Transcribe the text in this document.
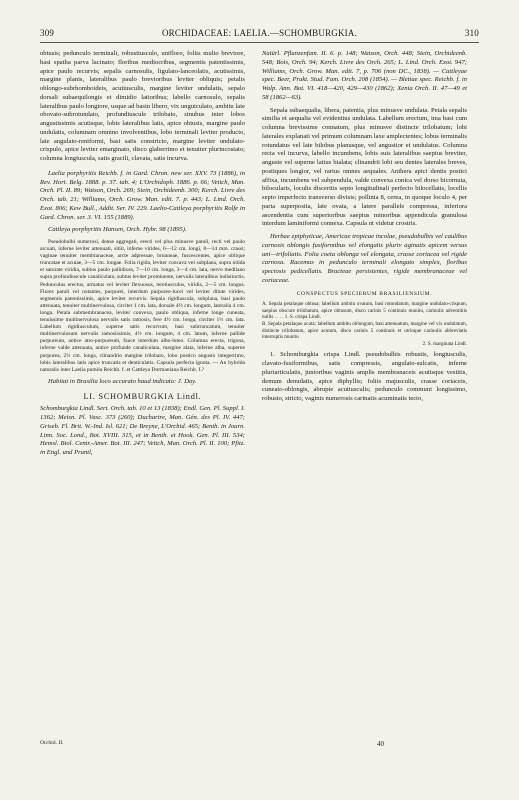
309	ORCHIDACEAE: LAELIA.—SCHOMBURGKIA.	310

obtusis; pedunculo terminali, robustiusculo, unifloro, foliis multo breviore, basi spatha parva lacinato; floribus mediocribus, segmentis patentissimis, apice paulo recurvis; sepalis carnosulis, ligulato-lanceolatis, acutissimis, margine planis, lateralibus paulo brevioribus leviter obliquis; petalis oblongo-subrhomboideis, acutiusculis, margine leviter undulatis, sepalo dorsali subaequilongis et dimidio latioribus; labello carnosulo, sepalis lateralibus paulo longiore, usque ad basin libero, vix unguiculato, ambitu late obovato-subrotundato, profundiuscule trilobato, sinubus inter lobos angustissimis acutisque, lobis lateralibus latis, apice obtusis, margine paulo undulatis, columnam omnino involventibus, lobo terminali leviter producto, late angulato-reniformi, basi satis constricto, margine leviter undulato-crispulo, apice leviter emarginato, disco glaberrimo et tenuiter plurincostato; columna longiuscula, satis gracili, clavata, satis incurva.

Laelia porphyritis Reichb. f. in Gard. Chron. new ser. XXV. 73 (1886), in Rev. Hort. Belg. 1888. p. 37. tab. 4; L'Orchidoph. 1886. p. 66; Veitch, Man. Orch. Pl. II. 89; Watson, Orch. 269; Stein, Orchideenb. 300; Kerch. Livre des Orch. tab. 21; Williams, Orch. Grow. Man. edit. 7. p. 443; L. Lind. Orch. Exot. 806; Kew Bull., Addit. Ser. IV. 229. Laelio-Cattleya porphyritis Rolfe in Gard. Chron. ser. 3. VI. 155 (1889).

Cattleya porphyritis Hansen, Orch. Hybr. 98 (1895).

Pseudobulbi numerosi, dense aggregati, erecti vel plus minusve patuli, recti vel paulo arcuati, inferne leviter attenuati, sitiit, inferne virides, 6—12 cm. longi, 8—14 mm. crassi; vaginae tenuiter membranaceae, arcte adpressae, brunneae, fuscescentes, apice oblique truncatae et acutae, 3—5 cm. longae. Folia rigida, leviter concava vel subplana, supra nitida et saturate viridia, subtus paulo pallidiora, 7—10 cm. longa, 3—4 cm. lata, nervo medliano supra profundiuscule canaliculato, subtus leviter prominente, nervulis lateralibus indistinctis. Pedunculus erectus, armatus vel leviter flexuosus, teretiusculus, viridis, 2—5 cm. longus. Flores patuli vel nutantes, purpurei, interdum purpureo-lucei vel leviter dilute virides, segmentis patentissimis, apice leviter recurvis. Sepala rigidiuscula, subplana, basi paulo attenuata, tenuiter multinervulosa, circiter 1 cm. lata, dorsale 4½ cm. longum, lateralia 4 cm. longa. Petala submembranacea, leviter convexa, paulo obliqua, inferne longe cuneata, tenuissime multinervulosa nervulis satis ramosis, fere 4½ cm. longa, circiter 1½ cm. lata. Labellum rigidiusculum, superne satis recurvum, basi subtruncatum, tenuiter multinervulosum nervulis ramosissimis, 4½ cm. longum, 4 cm. latum, inferne pallide purpureum, antice atro-purpureum, fauce interdum albo-luteo. Columna erecta, trigona, inferne valde attenuata, antice profunde canaliculata, margine alata, inferne alba, superne purpurea, 2½ cm. longa, clinandrio margine trilobato, lobo postico angusto integerrimo, lobis lateralibus latis apice truncatis et denticulatis. Capsula perfecta ignota. — An hybrida naturalis inter Laelia pumila Reichb. f. et Cattleya Dormaniana Reichb. f.?

Habitat in Brasilia loco accurato haud indicato: J. Day.

LI. SCHOMBURGKIA Lindl.

Schomburgkia Lindl. Sert. Orch. tab. 10 et 13 (1838); Endl. Gen. Pl. Suppl. I. 1362; Meisn. Pl. Vasc. 373 (260); Duchartre, Man. Gén. des Pl. IV. 447; Griseb. Fl. Brit. W.-Ind. Isl. 621; De Breyne, L'Orchid. 465; Benth. in Journ. Linn. Soc. Lond., Bot. XVIII. 315, et in Benth. et Hook. Gen. Pl. III. 534; Hemsl. Biol. Centr.-Amer. Bot. III. 247; Veitch, Man. Orch. Pl. II. 100; Pfitz. in Engl. und Prantl,

Natürl. Pflanzenfam. II. 6. p. 148; Watson, Orch. 448; Stein, Orchideenb. 548; Bois, Orch. 94; Kerch. Livre des Orch. 265; L. Lind. Orch. Exot. 947; Williams, Orch. Grow. Man. edit. 7, p. 706 (non DC., 1838). — Cattleyae spec. Beer, Prakt. Stud. Fam. Orch. 208 (1854). — Bletiae spec. Reichb. f. in Walp. Ann. Bot. VI. 418—420, 429—430 (1862); Xenia Orch. II. 47—49 et 58 (1862—63).

Sepala subaequalia, libera, patentia, plus minusve undulata. Petala sepalis similia et aequalia vel evidentius undulata. Labellum erectum, ima basi cum columna brevissime connatum, plus minusve distincte trilobatum; lobi laterales explanati vel primum columnam laxe amplectentes; lobus terminalis rotundatus vel late bilobus planusque, vel angustior et undulatus. Columna recta vel incurva, labello incumbens, lobis suis lateralibus saepius breviter, anguste vel superne latius bialata; clinandrii lobi seu dentes laterales breves, postiques longior, vel rarius omnes aequales. Anthera apici dentis postici affixa, incumbens vel subpendula, valde convexa conica vel dorso bicornuta, bilocularis, loculis disceritis septo longitudinali perfecto bilocellatis, locellis septo imperfecto transverso divisis; pollinia 8, cerea, in quoque loculo 4, per paria superposita, late ovata, a latere parallele compressa, inferiora ascendentia cum superioribus saepius minoribus appendicula granulosa interdum laminiformi connexa. Capsula nt videtur crostris.

Herbae epiphyticae, Americae tropicae incolae, pseudobulbis vel caulibus carnosis oblongis fusiformibus vel elongatis pluriv aginatis apicem versus uni—trifoliatis. Folia coeta oblonga vel elongata, crasse coriacea vel rigide carnosa. Racemus in pedunculo terminali elongato simplex, floribus speciosis pedicellatis. Bracteae persistentes, rigide membranaceae vel coriaceae.

CONSPECTUS SPECIERUM BRASILIENSIUM.

A. Sepala petalaque obtusa; labellum ambitu ovatum, basi rotundatum, margine undulato-crispum, saepius obscure trilobatum, apice obtusum, disco carinis 5 continuis munitu, carinulis adventitiis nullis . . . . 1. S. crispa Lindl.

B. Sepala petalaque acuta; labellum ambitu oblongum, basi attenuatum, margine vel vix undulatum, distincte trilobatum, apice acutum, disco carinis 5 continuis et utrinque carinulis abbreviatis interruptis munitu

2. S. marginata Lindl.

1. Schomburgkia crispa Lindl. pseudobulbis robustis, longiusculis, clavato-fusiformibus, satis compressis, angulato-sulcatis, inferne pluriarticulatis, junioribus vaginis amplis membranaceis acutisque vestitis, demum denudatis, apice diphyllis; foliis majusculis, crasse coriaceis, cuneato-oblongis, abrupte acutiusculis; pedunculo communi longissimo, robusto, stricto, vaginis numerosis carinatis acuminatis tecto,

Orchid. II.	40
